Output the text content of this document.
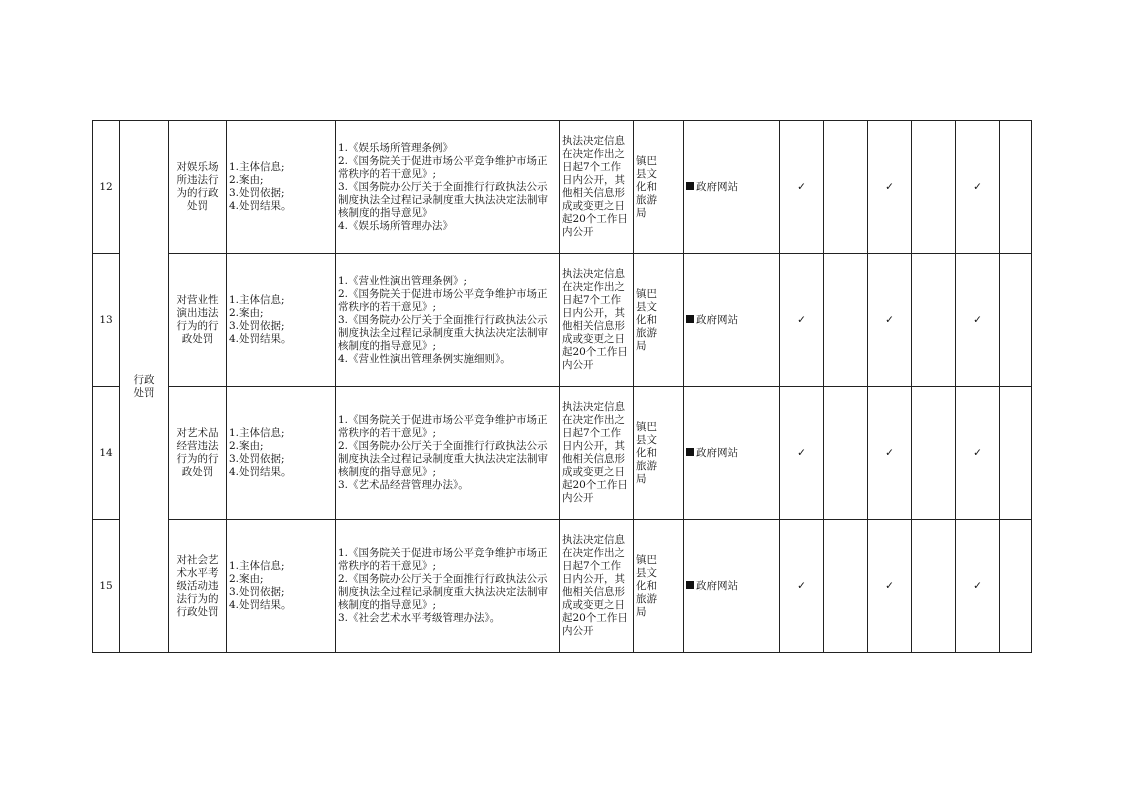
12	行政处罚	对娱乐场所违法行为的行政处罚	1.主体信息;
2.案由;
3.处罚依据;
4.处罚结果。	1.《娱乐场所管理条例》
2.《国务院关于促进市场公平竞争维护市场正常秩序的若干意见》;
3.《国务院办公厅关于全面推行行政执法公示制度执法全过程记录制度重大执法决定法制审核制度的指导意见》
4.《娱乐场所管理办法》	执法决定信息在决定作出之日起7个工作日内公开，其他相关信息形成或变更之日起20个工作日内公开	镇巴县文化和旅游局	政府网站	✓		✓		✓	
13		对营业性演出违法行为的行政处罚	1.主体信息;
2.案由;
3.处罚依据;
4.处罚结果。	1.《营业性演出管理条例》;
2.《国务院关于促进市场公平竞争维护市场正常秩序的若干意见》;
3.《国务院办公厅关于全面推行行政执法公示制度执法全过程记录制度重大执法决定法制审核制度的指导意见》;
4.《营业性演出管理条例实施细则》。	执法决定信息在决定作出之日起7个工作日内公开，其他相关信息形成或变更之日起20个工作日内公开	镇巴县文化和旅游局	政府网站	✓		✓		✓	
14		对艺术品经营违法行为的行政处罚	1.主体信息;
2.案由;
3.处罚依据;
4.处罚结果。	1.《国务院关于促进市场公平竞争维护市场正常秩序的若干意见》;
2.《国务院办公厅关于全面推行行政执法公示制度执法全过程记录制度重大执法决定法制审核制度的指导意见》;
3.《艺术品经营管理办法》。	执法决定信息在决定作出之日起7个工作日内公开，其他相关信息形成或变更之日起20个工作日内公开	镇巴县文化和旅游局	政府网站	✓		✓		✓	
15		对社会艺术水平考级活动违法行为的行政处罚	1.主体信息;
2.案由;
3.处罚依据;
4.处罚结果。	1.《国务院关于促进市场公平竞争维护市场正常秩序的若干意见》;
2.《国务院办公厅关于全面推行行政执法公示制度执法全过程记录制度重大执法决定法制审核制度的指导意见》;
3.《社会艺术水平考级管理办法》。	执法决定信息在决定作出之日起7个工作日内公开，其他相关信息形成或变更之日起20个工作日内公开	镇巴县文化和旅游局	政府网站	✓		✓		✓	
